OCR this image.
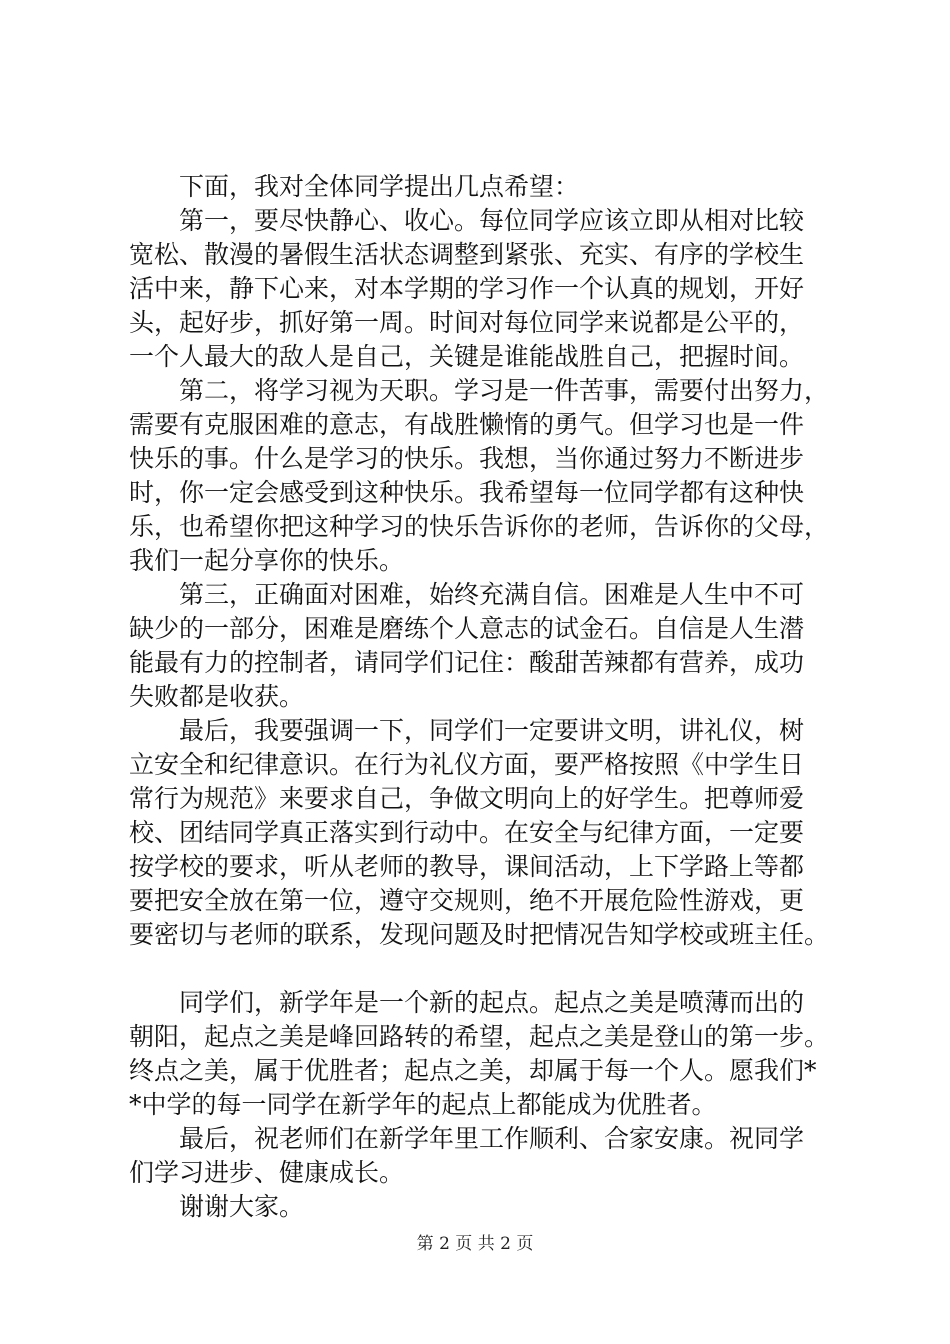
　　下面，我对全体同学提出几点希望：
　　第一，要尽快静心、收心。每位同学应该立即从相对比较
宽松、散漫的暑假生活状态调整到紧张、充实、有序的学校生
活中来，静下心来，对本学期的学习作一个认真的规划，开好
头，起好步，抓好第一周。时间对每位同学来说都是公平的，
一个人最大的敌人是自己，关键是谁能战胜自己，把握时间。
　　第二，将学习视为天职。学习是一件苦事，需要付出努力，
需要有克服困难的意志，有战胜懒惰的勇气。但学习也是一件
快乐的事。什么是学习的快乐。我想，当你通过努力不断进步
时，你一定会感受到这种快乐。我希望每一位同学都有这种快
乐，也希望你把这种学习的快乐告诉你的老师，告诉你的父母，
我们一起分享你的快乐。
　　第三，正确面对困难，始终充满自信。困难是人生中不可
缺少的一部分，困难是磨练个人意志的试金石。自信是人生潜
能最有力的控制者，请同学们记住：酸甜苦辣都有营养，成功
失败都是收获。
　　最后，我要强调一下，同学们一定要讲文明，讲礼仪，树
立安全和纪律意识。在行为礼仪方面，要严格按照《中学生日
常行为规范》来要求自己，争做文明向上的好学生。把尊师爱
校、团结同学真正落实到行动中。在安全与纪律方面，一定要
按学校的要求，听从老师的教导，课间活动，上下学路上等都
要把安全放在第一位，遵守交规则，绝不开展危险性游戏，更
要密切与老师的联系，发现问题及时把情况告知学校或班主任。
　　同学们，新学年是一个新的起点。起点之美是喷薄而出的
朝阳，起点之美是峰回路转的希望，起点之美是登山的第一步。
终点之美，属于优胜者；起点之美，却属于每一个人。愿我们*
*中学的每一同学在新学年的起点上都能成为优胜者。
　　最后，祝老师们在新学年里工作顺利、合家安康。祝同学
们学习进步、健康成长。
　　谢谢大家。
第 2 页 共 2 页
